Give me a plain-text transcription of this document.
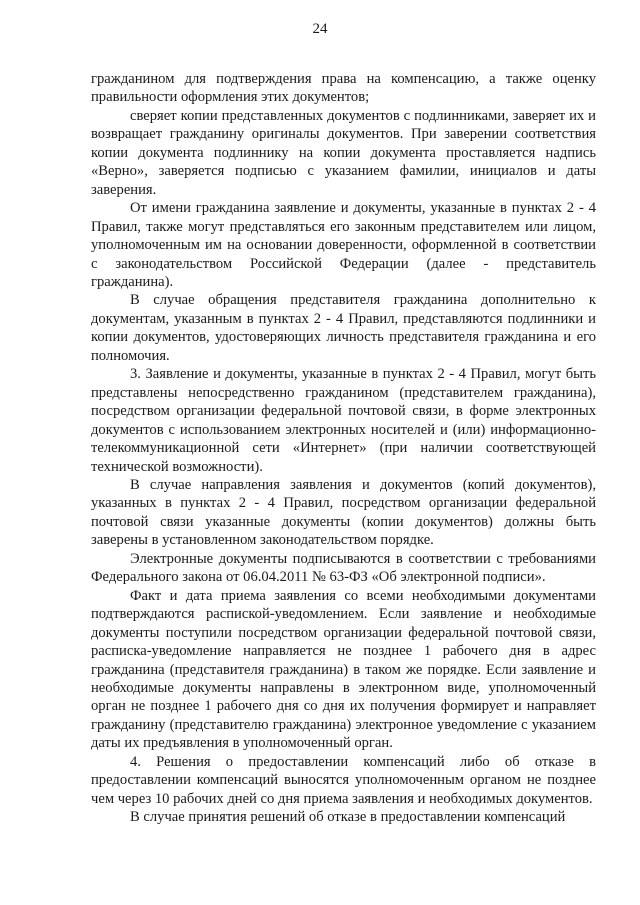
24

гражданином для подтверждения права на компенсацию, а также оценку правильности оформления этих документов;

сверяет копии представленных документов с подлинниками, заверяет их и возвращает гражданину оригиналы документов. При заверении соответствия копии документа подлиннику на копии документа проставляется надпись «Верно», заверяется подписью с указанием фамилии, инициалов и даты заверения.

От имени гражданина заявление и документы, указанные в пунктах 2 - 4 Правил, также могут представляться его законным представителем или лицом, уполномоченным им на основании доверенности, оформленной в соответствии с законодательством Российской Федерации (далее - представитель гражданина).

В случае обращения представителя гражданина дополнительно к документам, указанным в пунктах 2 - 4 Правил, представляются подлинники и копии документов, удостоверяющих личность представителя гражданина и его полномочия.

3. Заявление и документы, указанные в пунктах 2 - 4 Правил, могут быть представлены непосредственно гражданином (представителем гражданина), посредством организации федеральной почтовой связи, в форме электронных документов с использованием электронных носителей и (или) информационно-телекоммуникационной сети «Интернет» (при наличии соответствующей технической возможности).

В случае направления заявления и документов (копий документов), указанных в пунктах 2 - 4 Правил, посредством организации федеральной почтовой связи указанные документы (копии документов) должны быть заверены в установленном законодательством порядке.

Электронные документы подписываются в соответствии с требованиями Федерального закона от 06.04.2011 № 63-ФЗ «Об электронной подписи».

Факт и дата приема заявления со всеми необходимыми документами подтверждаются распиской-уведомлением. Если заявление и необходимые документы поступили посредством организации федеральной почтовой связи, расписка-уведомление направляется не позднее 1 рабочего дня в адрес гражданина (представителя гражданина) в таком же порядке. Если заявление и необходимые документы направлены в электронном виде, уполномоченный орган не позднее 1 рабочего дня со дня их получения формирует и направляет гражданину (представителю гражданина) электронное уведомление с указанием даты их предъявления в уполномоченный орган.

4. Решения о предоставлении компенсаций либо об отказе в предоставлении компенсаций выносятся уполномоченным органом не позднее чем через 10 рабочих дней со дня приема заявления и необходимых документов.

В случае принятия решений об отказе в предоставлении компенсаций
